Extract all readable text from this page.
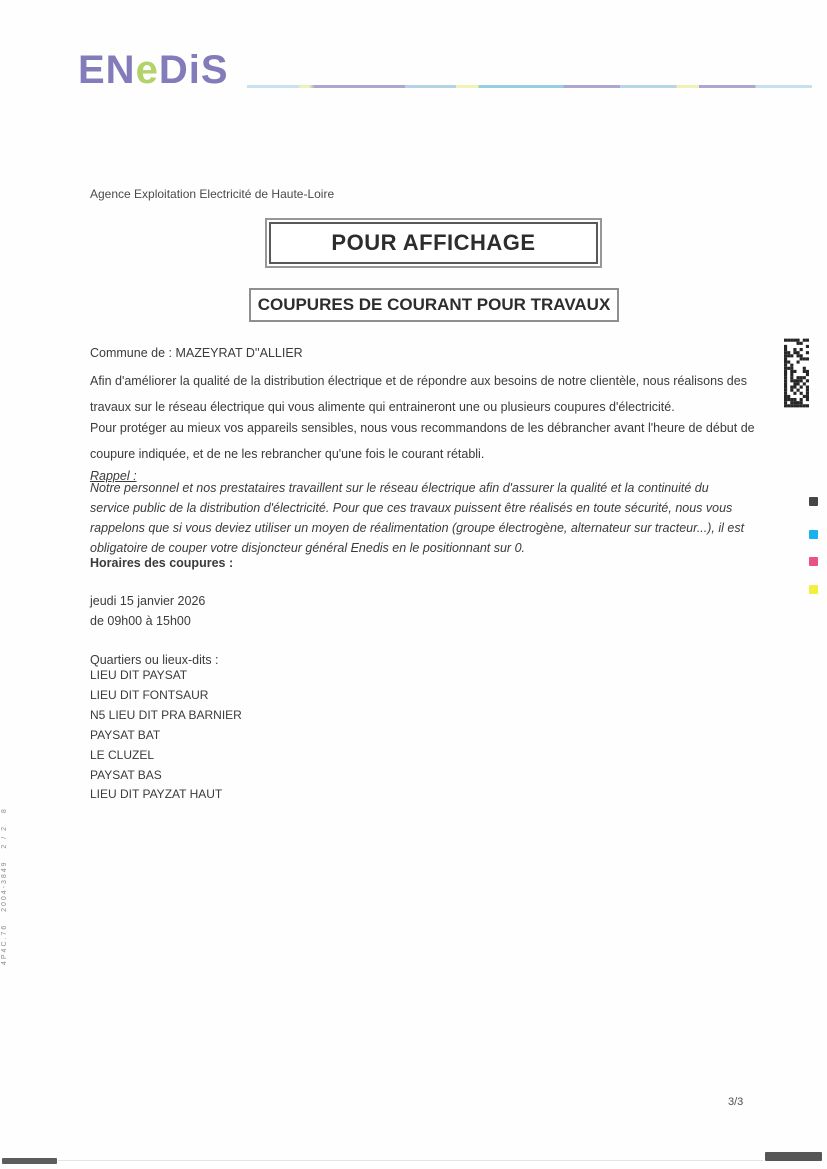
ENeDiS
Agence Exploitation Electricité de Haute-Loire
POUR AFFICHAGE
COUPURES DE COURANT POUR TRAVAUX
Commune de : MAZEYRAT D''ALLIER
Afin d'améliorer la qualité de la distribution électrique et de répondre aux besoins de notre clientèle, nous réalisons des travaux sur le réseau électrique qui vous alimente qui entraineront une ou plusieurs coupures d'électricité.
Pour protéger au mieux vos appareils sensibles, nous vous recommandons de les débrancher avant l'heure de début de coupure indiquée, et de ne les rebrancher qu'une fois le courant rétabli.
Rappel :
Notre personnel et nos prestataires travaillent sur le réseau électrique afin d'assurer la qualité et la continuité du service public de la distribution d'électricité. Pour que ces travaux puissent être réalisés en toute sécurité, nous vous rappelons que si vous deviez utiliser un moyen de réalimentation (groupe électrogène, alternateur sur tracteur...), il est obligatoire de couper votre disjoncteur général Enedis en le positionnant sur 0.
Horaires des coupures :
jeudi 15 janvier 2026
de 09h00 à 15h00
Quartiers ou lieux-dits :
LIEU DIT PAYSAT
LIEU DIT FONTSAUR
N5 LIEU DIT PRA BARNIER
PAYSAT BAT
LE CLUZEL
PAYSAT BAS
LIEU DIT PAYZAT HAUT
4P4C.76   2004-3849   2 / 2   8
3/3
